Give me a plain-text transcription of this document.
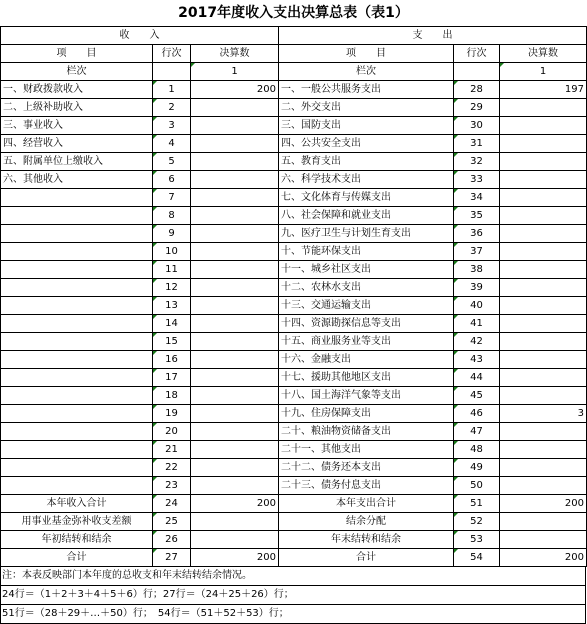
2017年度收入支出决算总表（表1）
收　　入			支　　出		
项　　目	行次	决算数	项　　目	行次	决算数
栏次		1	栏次		1
一、财政拨款收入	1	200	一、一般公共服务支出	28	197
二、上级补助收入	2		二、外交支出	29	
三、事业收入	3		三、国防支出	30	
四、经营收入	4		四、公共安全支出	31	
五、附属单位上缴收入	5		五、教育支出	32	
六、其他收入	6		六、科学技术支出	33	
	7		七、文化体育与传媒支出	34	
	8		八、社会保障和就业支出	35	
	9		九、医疗卫生与计划生育支出	36	
	10		十、节能环保支出	37	
	11		十一、城乡社区支出	38	
	12		十二、农林水支出	39	
	13		十三、交通运输支出	40	
	14		十四、资源勘探信息等支出	41	
	15		十五、商业服务业等支出	42	
	16		十六、金融支出	43	
	17		十七、援助其他地区支出	44	
	18		十八、国土海洋气象等支出	45	
	19		十九、住房保障支出	46	3
	20		二十、粮油物资储备支出	47	
	21		二十一、其他支出	48	
	22		二十二、债务还本支出	49	
	23		二十三、债务付息支出	50	
本年收入合计	24	200	本年支出合计	51	200
用事业基金弥补收支差额	25		结余分配	52	
年初结转和结余	26		年末结转和结余	53	
合计	27	200	合计	54	200
注：本表反映部门本年度的总收支和年末结转结余情况。
24行＝（1＋2＋3＋4＋5＋6）行；27行＝（24＋25＋26）行；
51行＝（28＋29＋…＋50）行；　54行＝（51＋52＋53）行；
